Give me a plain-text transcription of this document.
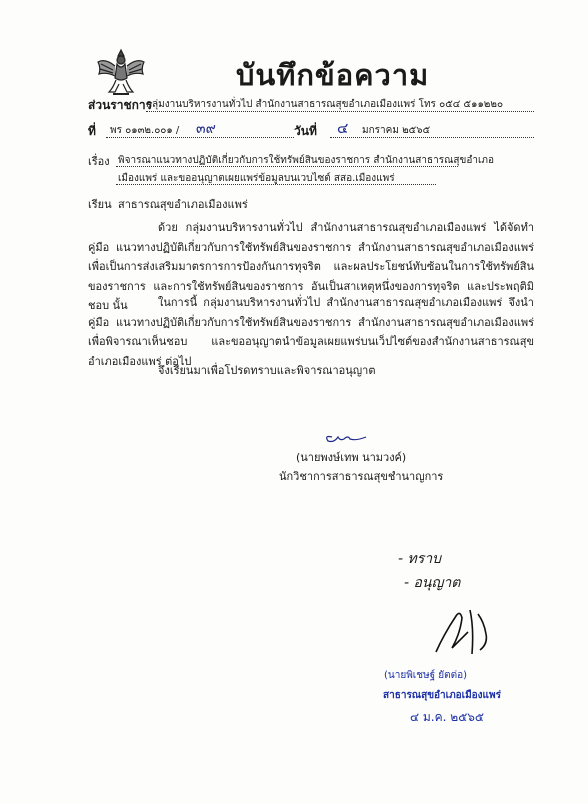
บันทึกข้อความ
ส่วนราชการ
กลุ่มงานบริหารงานทั่วไป สำนักงานสาธารณสุขอำเภอเมืองแพร่ โทร ๐๕๔ ๕๑๑๒๒๐
ที่ พร ๐๑๓๒.๐๐๑ / ๓๙	วันที่ ๔ มกราคม ๒๕๖๕
เรื่อง พิจารณาแนวทางปฏิบัติเกี่ยวกับการใช้ทรัพย์สินของราชการ สำนักงานสาธารณสุขอำเภอ
เมืองแพร่ และขออนุญาตเผยแพร่ข้อมูลบนเวบไซต์ สสอ.เมืองแพร่
เรียน สาธารณสุขอำเภอเมืองแพร่
ด้วย กลุ่มงานบริหารงานทั่วไป สำนักงานสาธารณสุขอำเภอเมืองแพร่ ได้จัดทำคู่มือ แนวทางปฏิบัติเกี่ยวกับการใช้ทรัพย์สินของราชการ สำนักงานสาธารณสุขอำเภอเมืองแพร่ เพื่อเป็นการส่งเสริมมาตรการการป้องกันการทุจริต และผลประโยชน์ทับซ้อนในการใช้ทรัพย์สินของราชการ และการใช้ทรัพย์สินของราชการ อันเป็นสาเหตุหนึ่งของการทุจริต และประพฤติมิชอบ นั้น	ในการนี้ กลุ่มงานบริหารงานทั่วไป สำนักงานสาธารณสุขอำเภอเมืองแพร่ จึงนำคู่มือ แนวทางปฏิบัติเกี่ยวกับการใช้ทรัพย์สินของราชการ สำนักงานสาธารณสุขอำเภอเมืองแพร่ เพื่อพิจารณาเห็นชอบ และขออนุญาตนำข้อมูลเผยแพร่บนเว็ปไซต์ของสำนักงานสาธารณสุขอำเภอเมืองแพร่ ต่อไป
จึงเรียนมาเพื่อโปรดทราบและพิจารณาอนุญาต
(นายพงษ์เทพ นามวงค์)
นักวิชาการสาธารณสุขชำนาญการ
- ทราบ
- อนุญาต
(นายพิเชษฐ์ ยัตต่อ)
สาธารณสุขอำเภอเมืองแพร่
๔ ม.ค. ๒๕๖๕
